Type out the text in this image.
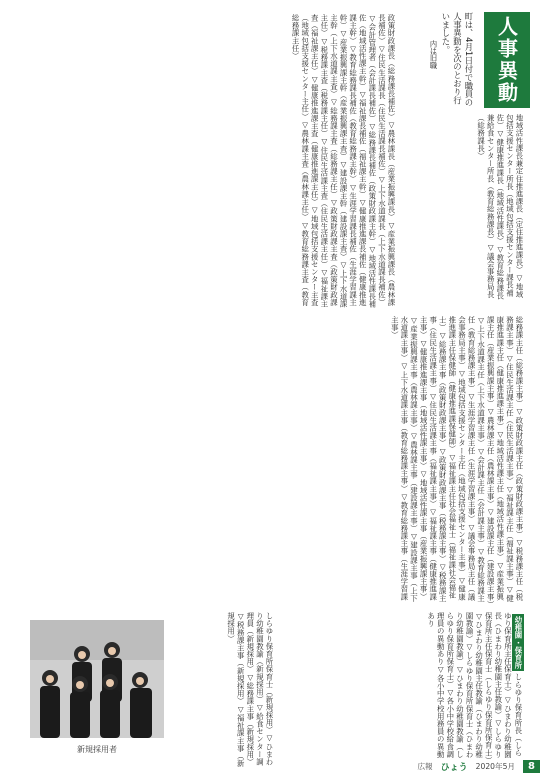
人事異動
町は、4月1日付で職員の人事異動を次のとおり行いました。
内は旧職

地域活性課長兼定住推進課長（定住推進課長）▽地域包括支援センター所長（地域包括支援センター課長補佐）▽健康推進課長（地域活性課長）▽教育総務課長兼給食センター所長（教育総務課長）▽議会事務局長（総務課長）

政策財政課長（総務課長補佐）▽農林課長（産業振興課長）▽産業振興課長（農林課長補佐）▽住民生活課長（住民生活課長補佐）▽上下水道課長（上下水道課長補佐）▽会計管理者（会計課長補佐）▽総務課長補佐（政策財政課主幹）▽地域活性課長補佐（地域活性課主幹）▽福祉課長補佐（福祉課主幹）▽健康推進課長補佐（健康推進課主幹）▽教育総務課長補佐（教育総務課主幹）▽生涯学習課長補佐（生涯学習課主幹）▽産業振興課主幹（産業振興課主査）▽建設課主幹（建設課主査）▽上下水道課主幹（上下水道課主査）▽総務課主査（総務課主任）▽政策財政課主査（政策財政課主任）▽税務課主査（税務課主任）▽住民生活課主査（住民生活課主任）▽福祉課主査（福祉課主任）▽健康推進課主査（健康推進課主任）▽地域包括支援センター主査（地域包括支援センター主任）▽農林課主査（農林課主任）▽教育総務課主査（教育総務課主任）

総務課主任（総務課主事）▽政策財政課主任（政策財政課主事）▽税務課主任（税務課主事）▽住民生活課主任（住民生活課主事）▽福祉課主任（福祉課主事）▽健康推進課主任（健康推進課主事）▽地域活性課主任（地域活性課主事）▽産業振興課主任（産業振興課主事）▽農林課主任（農林課主事）▽建設課主任（建設課主事）▽上下水道課主任（上下水道課主事）▽会計課主任（会計課主事）▽教育総務課主任（教育総務課主事）▽生涯学習課主任（生涯学習課主事）▽議会事務局主任（議会事務局主事）▽地域包括支援センター主任（地域包括支援センター主事）▽健康推進課主任保健師（健康推進課保健師）▽福祉課主任社会福祉士（福祉課社会福祉士）▽総務課主事（政策財政課主事）▽政策財政課主事（税務課主事）▽税務課主事（住民生活課主事）▽住民生活課主事（福祉課主事）▽福祉課主事（健康推進課主事）▽健康推進課主事（地域活性課主事）▽地域活性課主事（産業振興課主事）▽産業振興課主事（農林課主事）▽農林課主事（建設課主事）▽建設課主事（上下水道課主事）▽上下水道課主事（教育総務課主事）▽教育総務課主事（生涯学習課主事）

幼稚園・保育所しらゆり保育所長（しらゆり保育所主任保育士）▽ひまわり幼稚園長（ひまわり幼稚園主任教諭）▽しらゆり保育所主任保育士（しらゆり保育所保育士）▽ひまわり幼稚園主任教諭（ひまわり幼稚園教諭）▽しらゆり保育所保育士（ひまわり幼稚園教諭）▽ひまわり幼稚園教諭（しらゆり保育所保育士）▽各小中学校給食調理員の異動あり▽各小中学校用務員の異動あり

しらゆり保育所保育士（新規採用）▽ひまわり幼稚園教諭（新規採用）▽給食センター調理員（新規採用）▽総務課主事（新規採用）▽税務課主事（新規採用）▽福祉課主事（新規採用）

新規採用者
広報 ひょう 2020年5月	8
